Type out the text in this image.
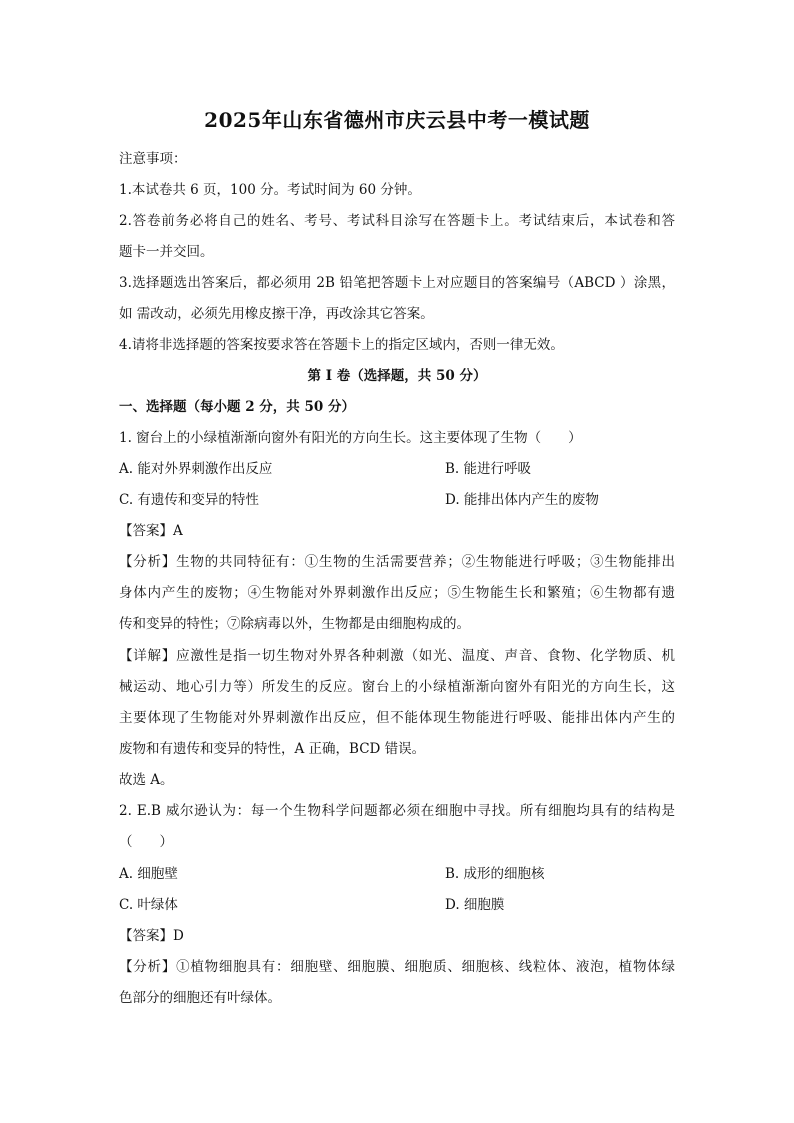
2025年山东省德州市庆云县中考一模试题
注意事项：
1.本试卷共 6 页，100 分。考试时间为 60 分钟。
2.答卷前务必将自己的姓名、考号、考试科目涂写在答题卡上。考试结束后，本试卷和答
题卡一并交回。
3.选择题选出答案后，都必须用 2B 铅笔把答题卡上对应题目的答案编号（ABCD ）涂黑，
如 需改动，必须先用橡皮擦干净，再改涂其它答案。
4.请将非选择题的答案按要求答在答题卡上的指定区域内，否则一律无效。
第 I 卷（选择题，共 50 分）
一、选择题（每小题 2 分，共 50 分）
1. 窗台上的小绿植渐渐向窗外有阳光的方向生长。这主要体现了生物（　　）
A. 能对外界刺激作出反应	B. 能进行呼吸
C. 有遗传和变异的特性	D. 能排出体内产生的废物
【答案】A
【分析】生物的共同特征有：①生物的生活需要营养；②生物能进行呼吸；③生物能排出
身体内产生的废物；④生物能对外界刺激作出反应；⑤生物能生长和繁殖；⑥生物都有遗
传和变异的特性；⑦除病毒以外，生物都是由细胞构成的。
【详解】应激性是指一切生物对外界各种刺激（如光、温度、声音、食物、化学物质、机
械运动、地心引力等）所发生的反应。窗台上的小绿植渐渐向窗外有阳光的方向生长，这
主要体现了生物能对外界刺激作出反应，但不能体现生物能进行呼吸、能排出体内产生的
废物和有遗传和变异的特性，A 正确，BCD 错误。
故选 A。
2. E.B 威尔逊认为：每一个生物科学问题都必须在细胞中寻找。所有细胞均具有的结构是
（　　）
A. 细胞壁	B. 成形的细胞核
C. 叶绿体	D. 细胞膜
【答案】D
【分析】①植物细胞具有：细胞壁、细胞膜、细胞质、细胞核、线粒体、液泡，植物体绿
色部分的细胞还有叶绿体。
